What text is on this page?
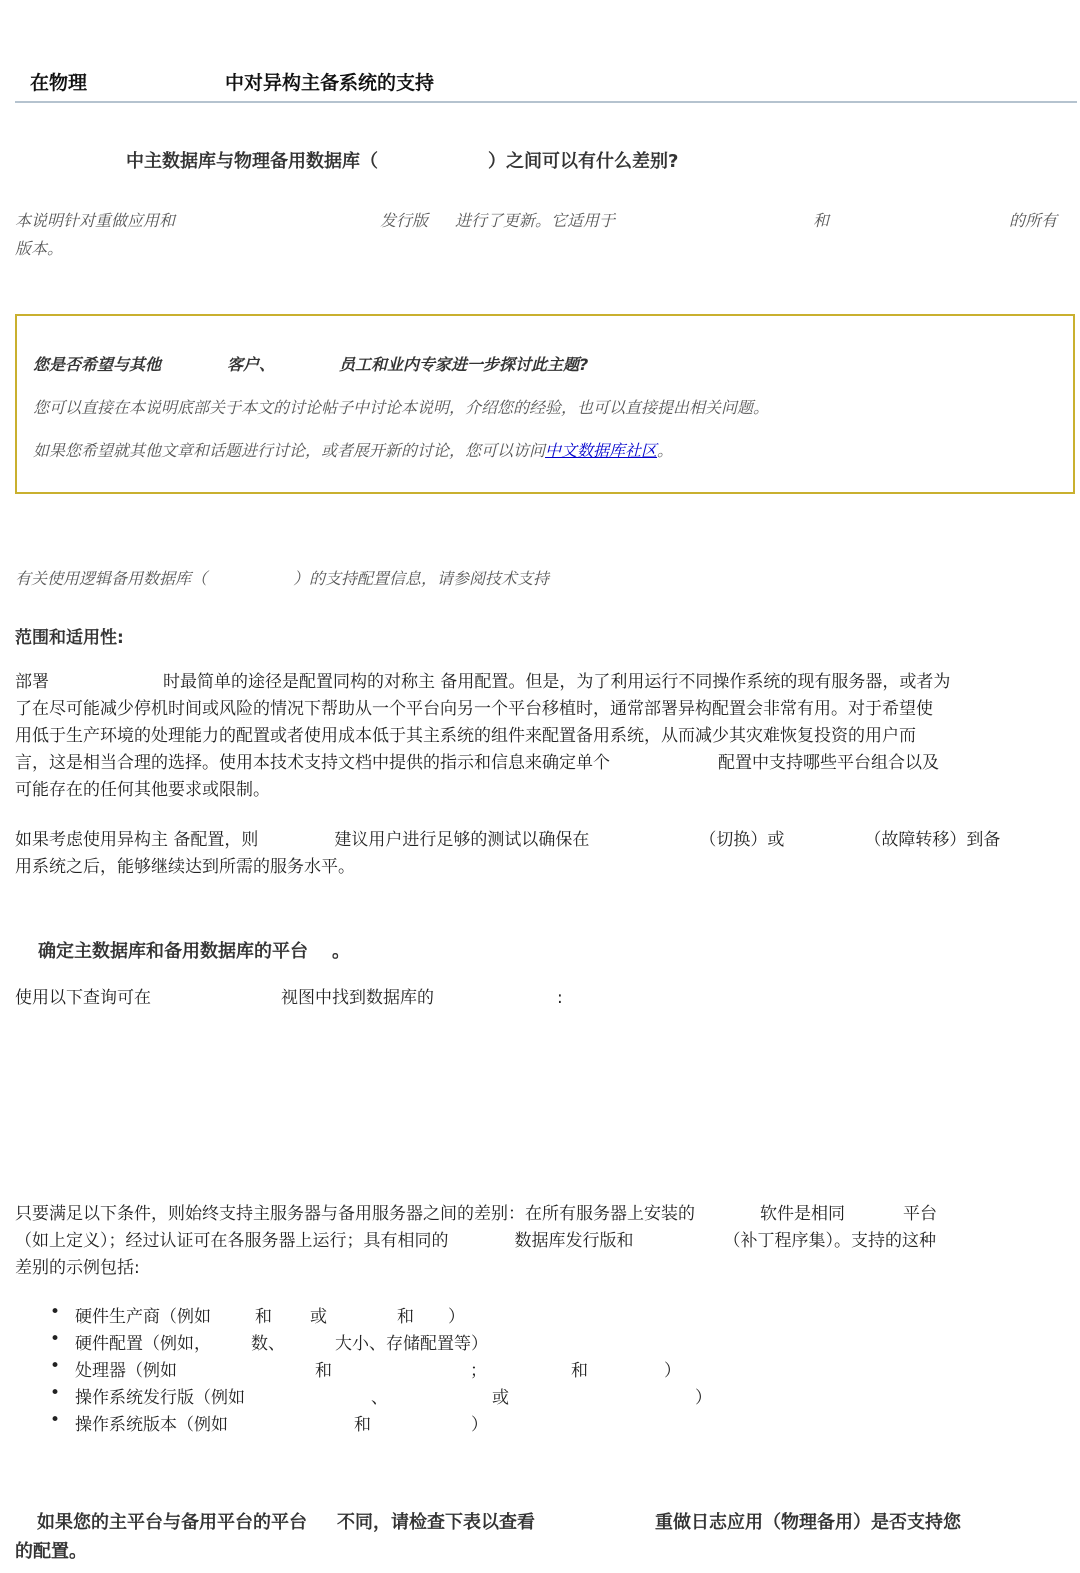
在物理	中对异构主备系统的支持
中主数据库与物理备用数据库（	）之间可以有什么差别?
本说明针对重做应用和	发行版 进行了更新。它适用于	和	的所有
版本。
您是否希望与其他	客户、	员工和业内专家进一步探讨此主题?
您可以直接在本说明底部关于本文的讨论帖子中讨论本说明，介绍您的经验，也可以直接提出相关问题。
如果您希望就其他文章和话题进行讨论，或者展开新的讨论，您可以访问中文数据库社区。
有关使用逻辑备用数据库（	）的支持配置信息，请参阅技术支持
范围和适用性:
部署	时最简单的途径是配置同构的对称主 备用配置。但是，为了利用运行不同操作系统的现有服务器，或者为
了在尽可能减少停机时间或风险的情况下帮助从一个平台向另一个平台移植时，通常部署异构配置会非常有用。对于希望使
用低于生产环境的处理能力的配置或者使用成本低于其主系统的组件来配置备用系统，从而减少其灾难恢复投资的用户而
言，这是相当合理的选择。使用本技术支持文档中提供的指示和信息来确定单个	配置中支持哪些平台组合以及
可能存在的任何其他要求或限制。
如果考虑使用异构主 备配置，则	建议用户进行足够的测试以确保在	（切换）或	（故障转移）到备
用系统之后，能够继续达到所需的服务水平。
确定主数据库和备用数据库的平台 。
使用以下查询可在	视图中找到数据库的	:
只要满足以下条件，则始终支持主服务器与备用服务器之间的差别：在所有服务器上安装的	软件是相同	平台
（如上定义）；经过认证可在各服务器上运行；具有相同的	数据库发行版和	（补丁程序集）。支持的这种
差别的示例包括:
• 硬件生产商（例如	和 或	和 ）
• 硬件配置（例如， 数、	大小、存储配置等）
• 处理器（例如	和	；	和	）
• 操作系统发行版（例如	、	或	）
• 操作系统版本（例如	和	）
如果您的主平台与备用平台的平台 不同，请检查下表以查看	重做日志应用（物理备用）是否支持您
的配置。
